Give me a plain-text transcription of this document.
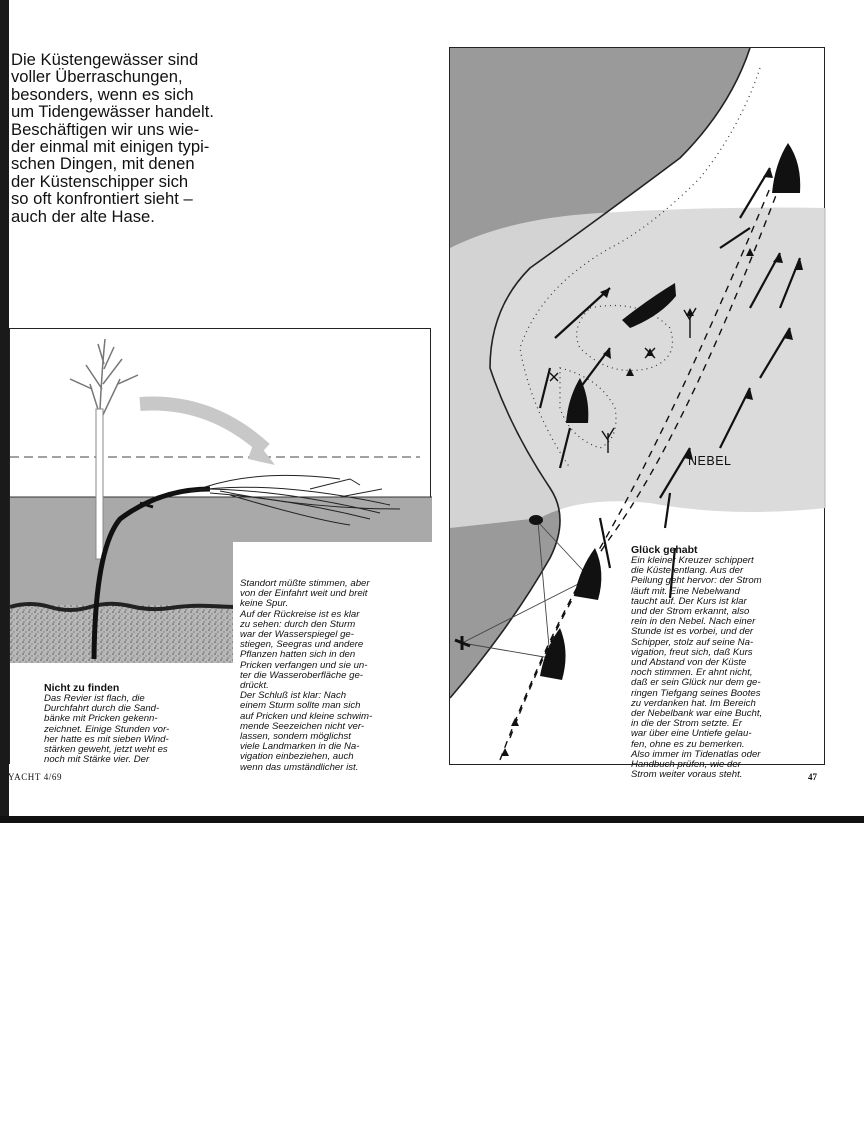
Die Küstengewässer sind
voller Überraschungen,
besonders, wenn es sich
um Tidengewässer handelt.
Beschäftigen wir uns wie-
der einmal mit einigen typi-
schen Dingen, mit denen
der Küstenschipper sich
so oft konfrontiert sieht –
auch der alte Hase.
Nicht zu finden
Das Revier ist flach, die
Durchfahrt durch die Sand-
bänke mit Pricken gekenn-
zeichnet. Einige Stunden vor-
her hatte es mit sieben Wind-
stärken geweht, jetzt weht es
noch mit Stärke vier. Der
Standort müßte stimmen, aber
von der Einfahrt weit und breit
keine Spur.
Auf der Rückreise ist es klar
zu sehen: durch den Sturm
war der Wasserspiegel ge-
stiegen, Seegras und andere
Pflanzen hatten sich in den
Pricken verfangen und sie un-
ter die Wasseroberfläche ge-
drückt.
Der Schluß ist klar: Nach
einem Sturm sollte man sich
auf Pricken und kleine schwim-
mende Seezeichen nicht ver-
lassen, sondern möglichst
viele Landmarken in die Na-
vigation einbeziehen, auch
wenn das umständlicher ist.
NEBEL
Glück gehabt
Ein kleiner Kreuzer schippert
die Küste entlang. Aus der
Peilung geht hervor: der Strom
läuft mit. Eine Nebelwand
taucht auf. Der Kurs ist klar
und der Strom erkannt, also
rein in den Nebel. Nach einer
Stunde ist es vorbei, und der
Schipper, stolz auf seine Na-
vigation, freut sich, daß Kurs
und Abstand von der Küste
noch stimmen. Er ahnt nicht,
daß er sein Glück nur dem ge-
ringen Tiefgang seines Bootes
zu verdanken hat. Im Bereich
der Nebelbank war eine Bucht,
in die der Strom setzte. Er
war über eine Untiefe gelau-
fen, ohne es zu bemerken.
Also immer im Tidenatlas oder
Handbuch prüfen, wie der
Strom weiter voraus steht.
YACHT 4/69	47
